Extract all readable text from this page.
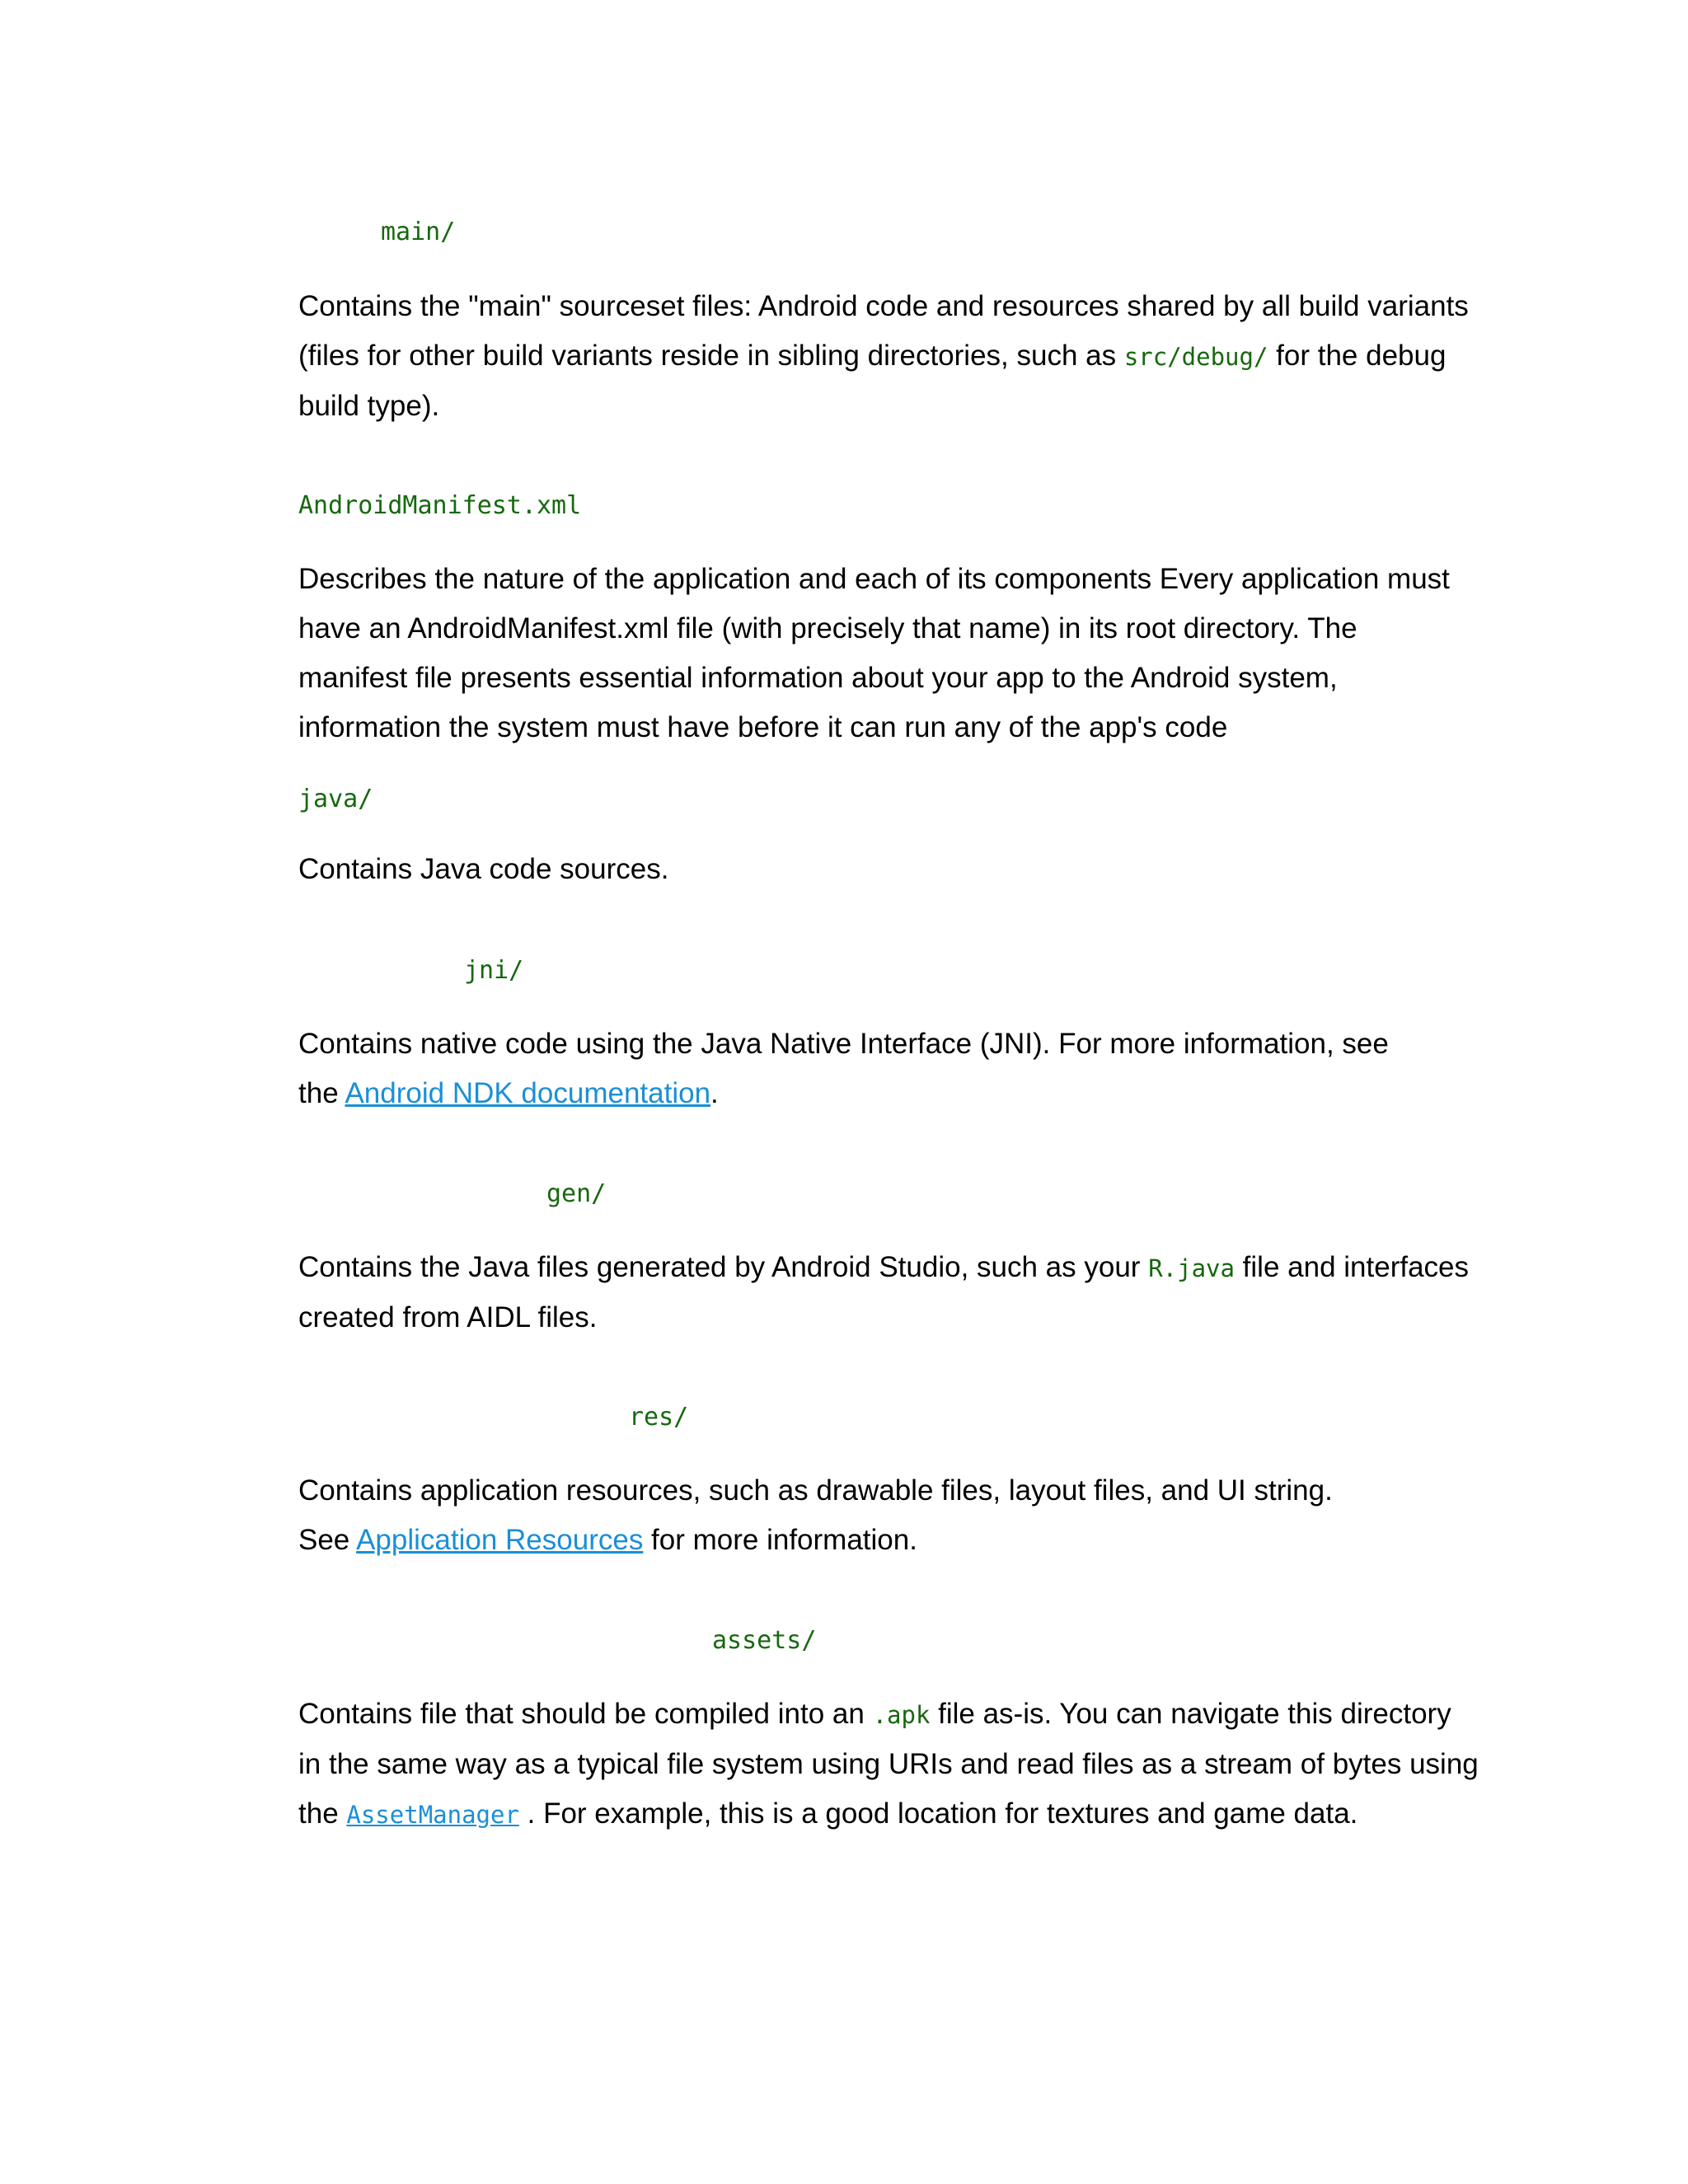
main/
Contains the "main" sourceset files: Android code and resources shared by all build variants
(files for other build variants reside in sibling directories, such as src/debug/ for the debug
build type).
AndroidManifest.xml
Describes the nature of the application and each of its components Every application must
have an AndroidManifest.xml file (with precisely that name) in its root directory. The
manifest file presents essential information about your app to the Android system,
information the system must have before it can run any of the app's code
java/
Contains Java code sources.
jni/
Contains native code using the Java Native Interface (JNI). For more information, see
the Android NDK documentation.
gen/
Contains the Java files generated by Android Studio, such as your R.java file and interfaces
created from AIDL files.
res/
Contains application resources, such as drawable files, layout files, and UI string.
See Application Resources for more information.
assets/
Contains file that should be compiled into an .apk file as-is. You can navigate this directory
in the same way as a typical file system using URIs and read files as a stream of bytes using
the AssetManager . For example, this is a good location for textures and game data.
